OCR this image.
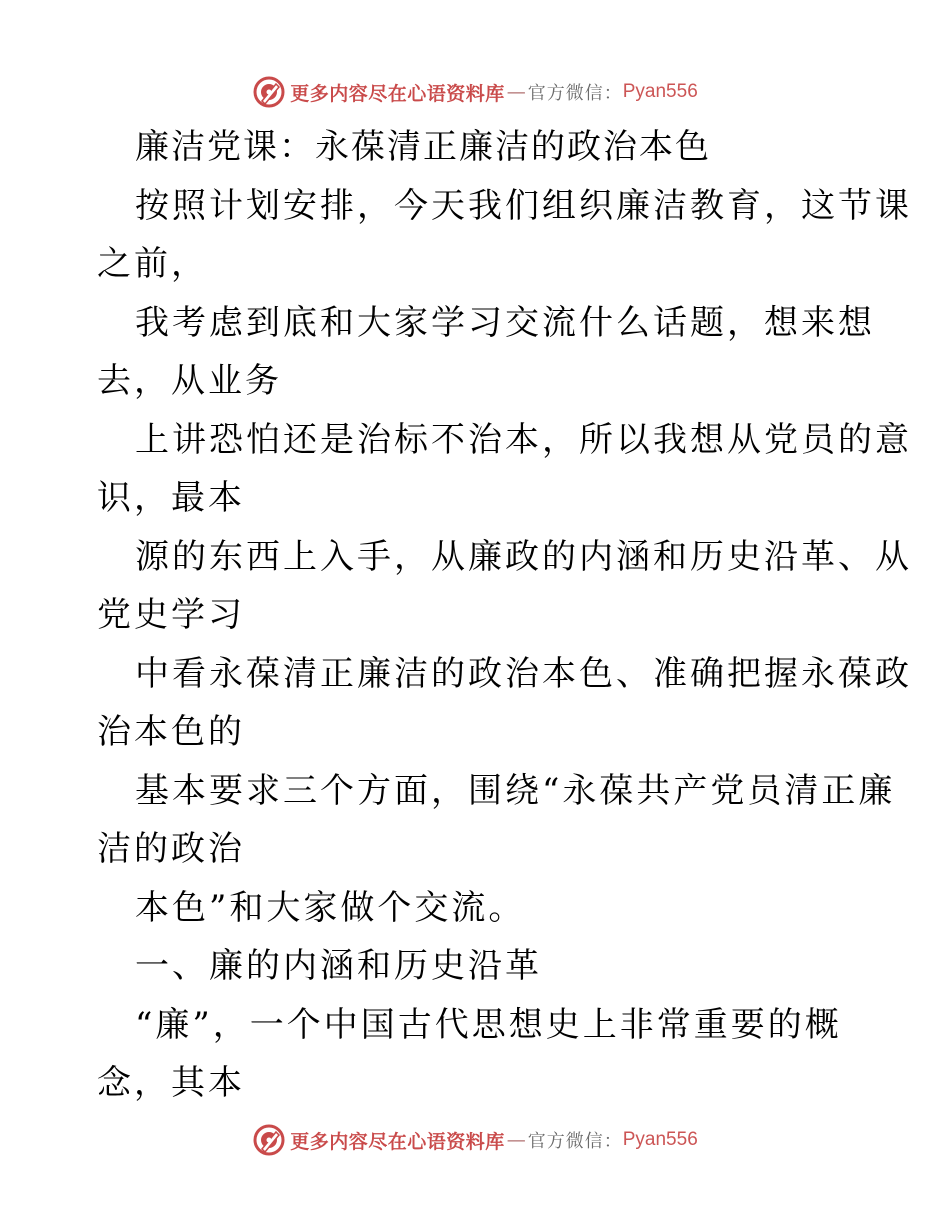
更多内容尽在心语资料库 — 官方微信： Pyan556
廉洁党课：永葆清正廉洁的政治本色
按照计划安排，今天我们组织廉洁教育，这节课
之前，
我考虑到底和大家学习交流什么话题，想来想
去，从业务
上讲恐怕还是治标不治本，所以我想从党员的意
识，最本
源的东西上入手，从廉政的内涵和历史沿革、从
党史学习
中看永葆清正廉洁的政治本色、准确把握永葆政
治本色的
基本要求三个方面，围绕“永葆共产党员清正廉
洁的政治
本色”和大家做个交流。
一、廉的内涵和历史沿革
“廉”，一个中国古代思想史上非常重要的概
念，其本
更多内容尽在心语资料库 — 官方微信： Pyan556
